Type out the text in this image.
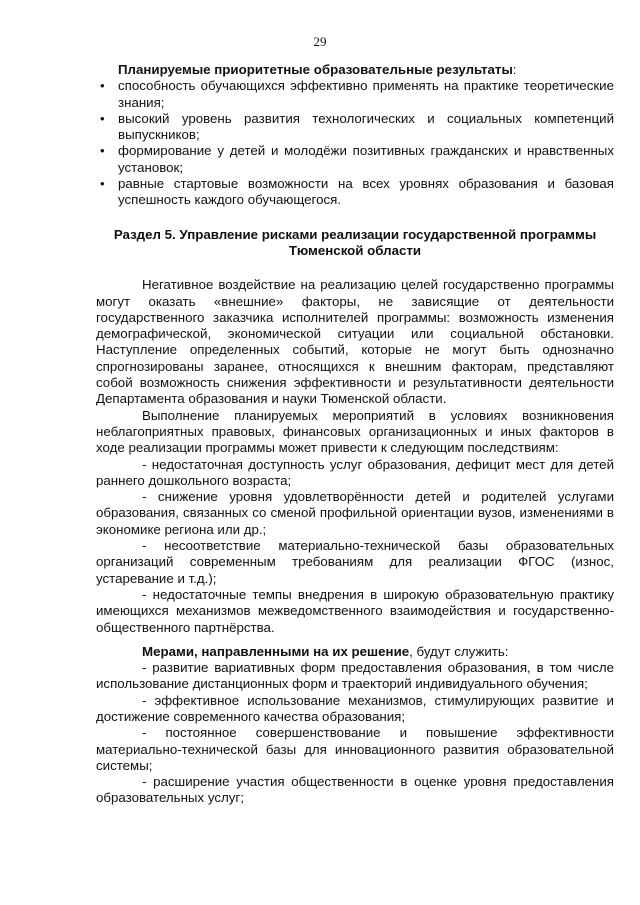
29

Планируемые приоритетные образовательные результаты:

• способность обучающихся эффективно применять на практике теоретические знания;
• высокий уровень развития технологических и социальных компетенций выпускников;
• формирование у детей и молодёжи позитивных гражданских и нравственных установок;
• равные стартовые возможности на всех уровнях образования и базовая успешность каждого обучающегося.
Раздел 5. Управление рисками реализации государственной программы Тюменской области

Негативное воздействие на реализацию целей государственно программы могут оказать «внешние» факторы, не зависящие от деятельности государственного заказчика исполнителей программы: возможность изменения демографической, экономической ситуации или социальной обстановки. Наступление определенных событий, которые не могут быть однозначно спрогнозированы заранее, относящихся к внешним факторам, представляют собой возможность снижения эффективности и результативности деятельности Департамента образования и науки Тюменской области.

Выполнение планируемых мероприятий в условиях возникновения неблагоприятных правовых, финансовых организационных и иных факторов в ходе реализации программы может привести к следующим последствиям:

- недостаточная доступность услуг образования, дефицит мест для детей раннего дошкольного возраста;

- снижение уровня удовлетворённости детей и родителей услугами образования, связанных со сменой профильной ориентации вузов, изменениями в экономике региона или др.;

- несоответствие материально-технической базы образовательных организаций современным требованиям для реализации ФГОС (износ, устаревание и т.д.);

- недостаточные темпы внедрения в широкую образовательную практику имеющихся механизмов межведомственного взаимодействия и государственно-общественного партнёрства.

Мерами, направленными на их решение, будут служить:

- развитие вариативных форм предоставления образования, в том числе использование дистанционных форм и траекторий индивидуального обучения;

- эффективное использование механизмов, стимулирующих развитие и достижение современного качества образования;

- постоянное совершенствование и повышение эффективности материально-технической базы для инновационного развития образовательной системы;

- расширение участия общественности в оценке уровня предоставления образовательных услуг;
